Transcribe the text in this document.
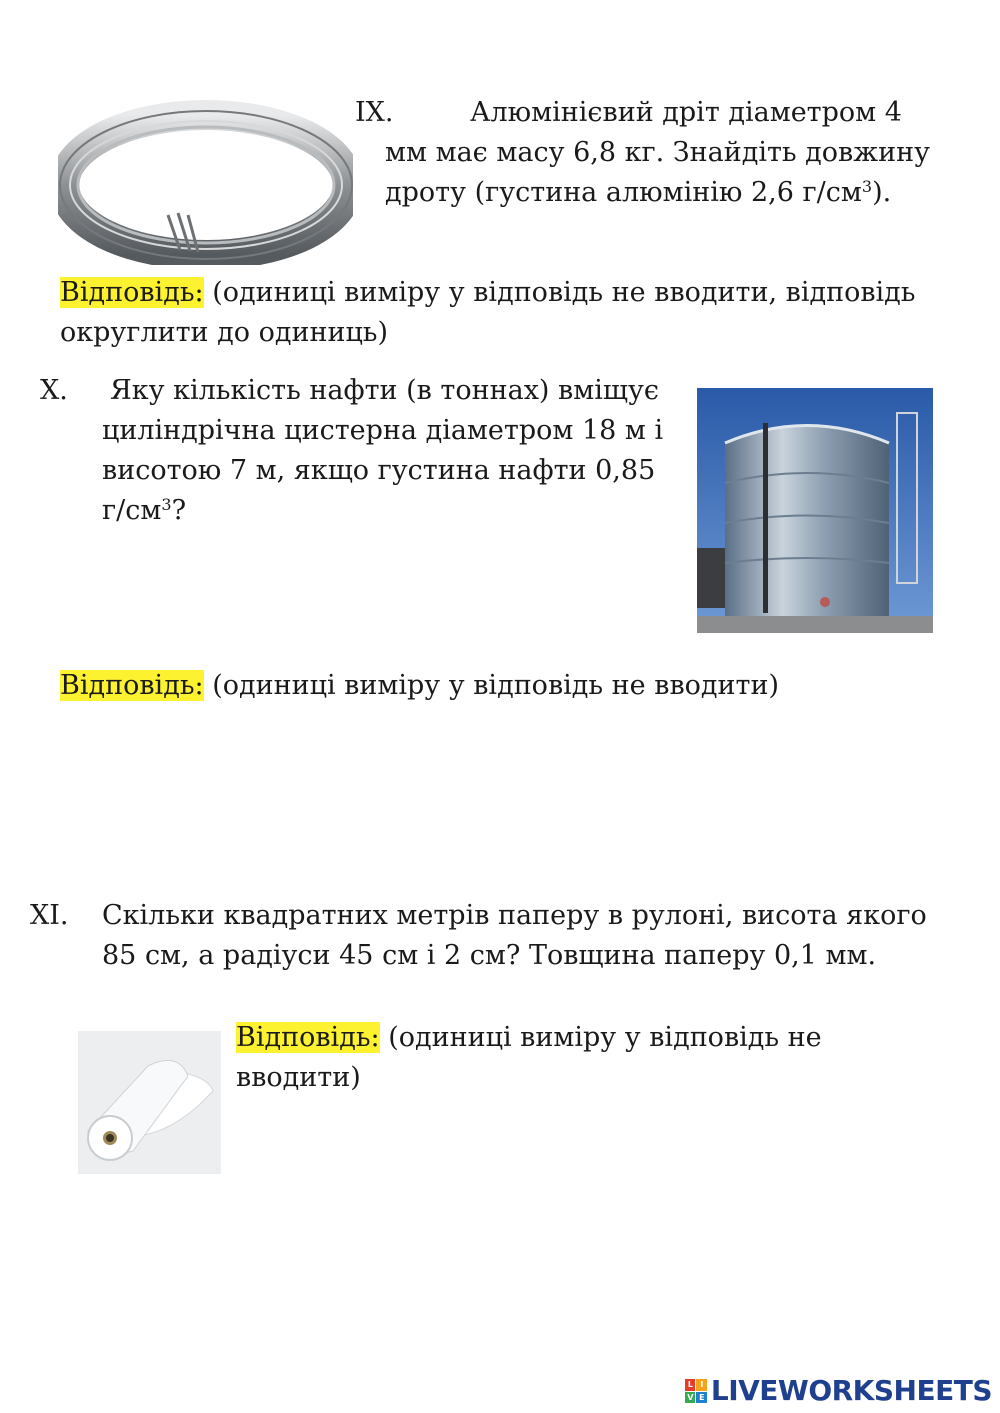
IX.	Алюмінієвий дріт діаметром 4 мм має масу 6,8 кг. Знайдіть довжину дроту (густина алюмінію 2,6 $г/см^3$).
Відповідь: (одиниці виміру у відповідь не вводити, відповідь округлити до одиниць)
X. Яку кількість нафти (в тоннах) вміщує циліндрічна цистерна діаметром 18 м і висотою 7 м, якщо густина нафти 0,85 $г/см^3$?
Відповідь: (одиниці виміру у відповідь не вводити)
XI. Скільки квадратних метрів паперу в рулоні, висота якого 85 см, а радіуси 45 см і 2 см? Товщина паперу 0,1 мм.
Відповідь: (одиниці виміру у відповідь не вводити)
L I
V E LIVEWORKSHEETS
